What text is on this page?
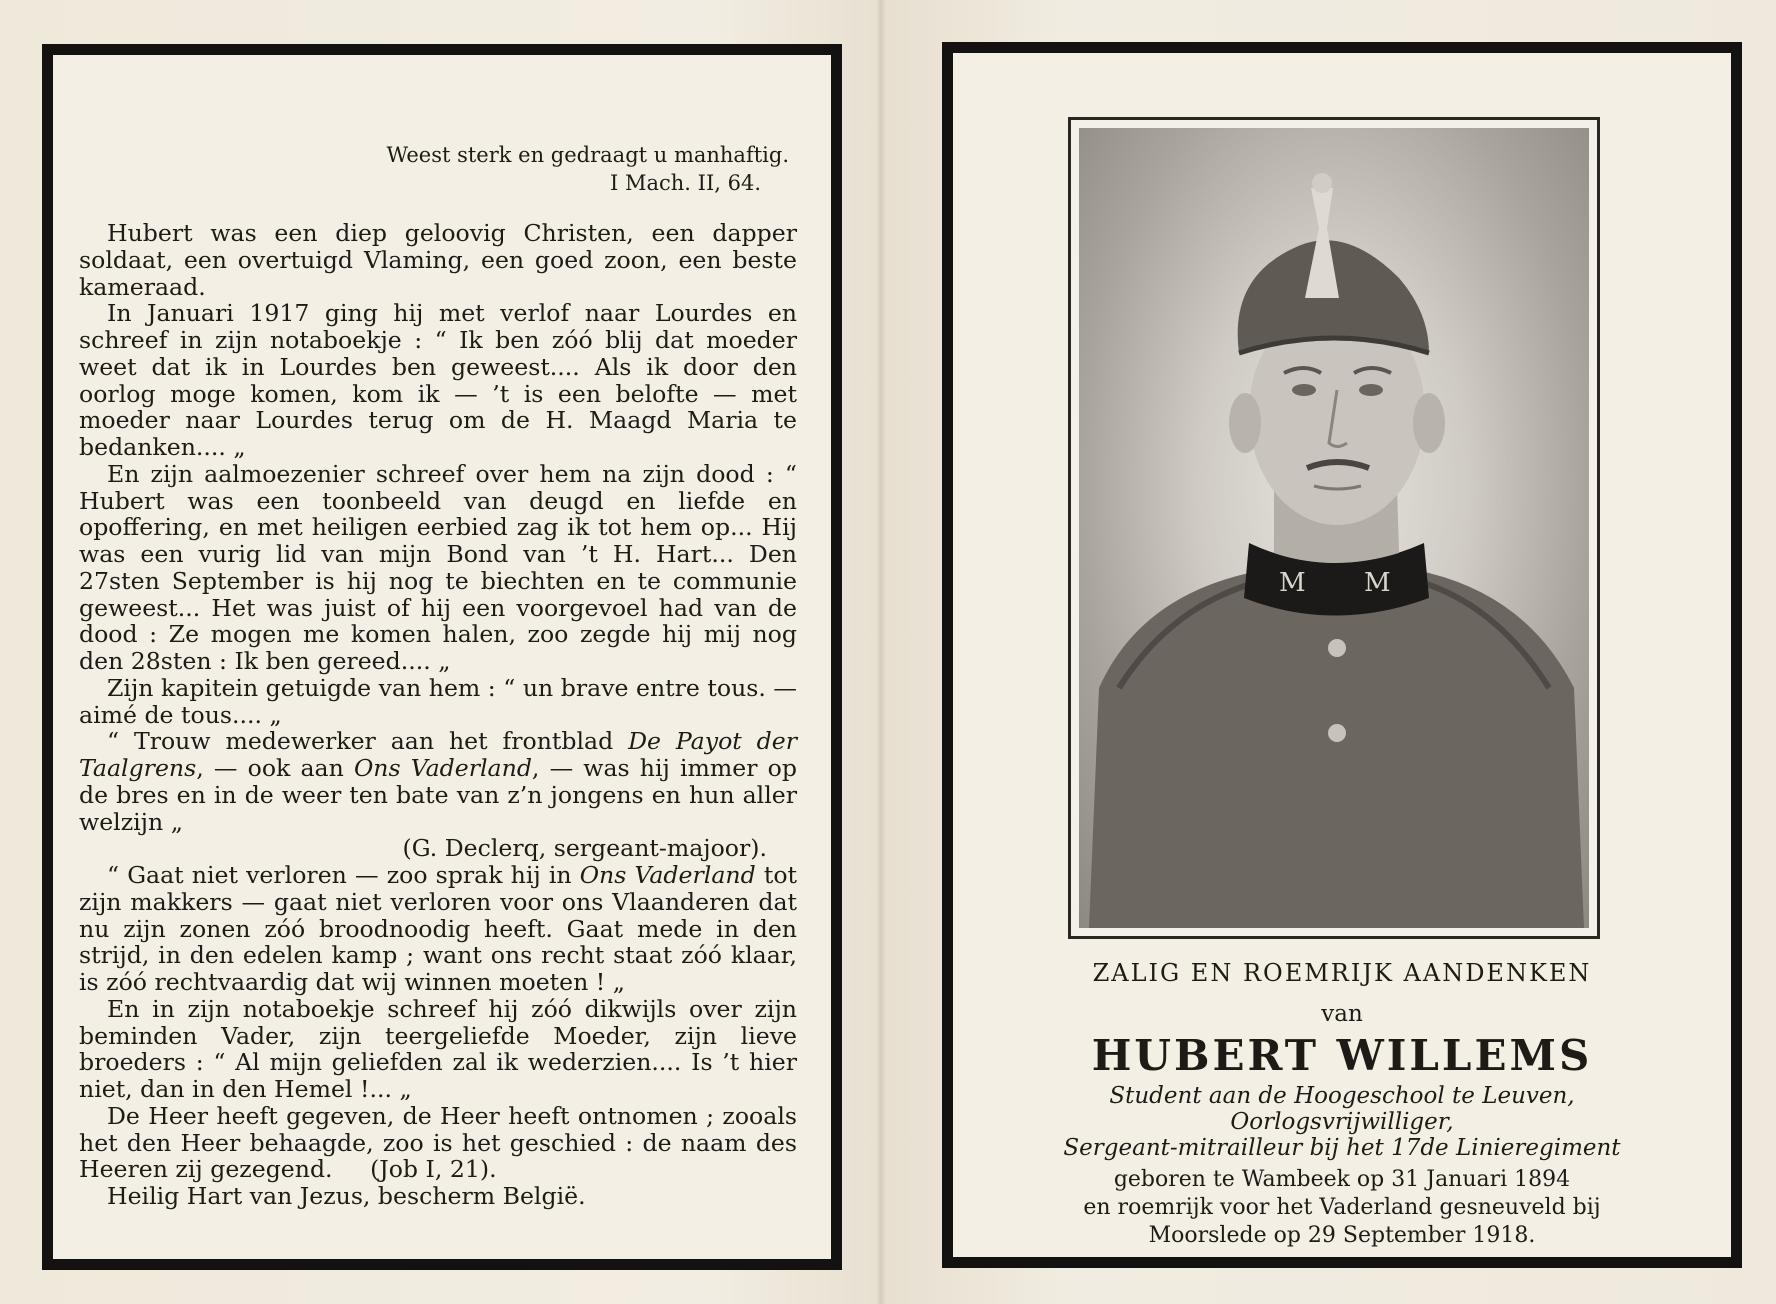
Weest sterk en gedraagt u manhaftig.
I Mach. II, 64.

Hubert was een diep geloovig Christen, een dapper soldaat, een overtuigd Vlaming, een goed zoon, een beste kameraad.

In Januari 1917 ging hij met verlof naar Lourdes en schreef in zijn notaboekje : “ Ik ben zóó blij dat moeder weet dat ik in Lourdes ben geweest.... Als ik door den oorlog moge komen, kom ik — ’t is een belofte — met moeder naar Lourdes terug om de H. Maagd Maria te bedanken.... „

En zijn aalmoezenier schreef over hem na zijn dood : “ Hubert was een toonbeeld van deugd en liefde en opoffering, en met heiligen eerbied zag ik tot hem op... Hij was een vurig lid van mijn Bond van ’t H. Hart... Den 27sten September is hij nog te biechten en te communie geweest... Het was juist of hij een voorgevoel had van de dood : Ze mogen me komen halen, zoo zegde hij mij nog den 28sten : Ik ben gereed.... „

Zijn kapitein getuigde van hem : “ un brave entre tous. — aimé de tous.... „

“ Trouw medewerker aan het frontblad De Payot der Taalgrens, — ook aan Ons Vaderland, — was hij immer op de bres en in de weer ten bate van z’n jongens en hun aller welzijn „

(G. Declerq, sergeant-majoor).

“ Gaat niet verloren — zoo sprak hij in Ons Vaderland tot zijn makkers — gaat niet verloren voor ons Vlaanderen dat nu zijn zonen zóó broodnoodig heeft. Gaat mede in den strijd, in den edelen kamp ; want ons recht staat zóó klaar, is zóó rechtvaardig dat wij winnen moeten ! „

En in zijn notaboekje schreef hij zóó dikwijls over zijn beminden Vader, zijn teergeliefde Moeder, zijn lieve broeders : “ Al mijn geliefden zal ik wederzien.... Is ’t hier niet, dan in den Hemel !... „

De Heer heeft gegeven, de Heer heeft ontnomen ; zooals het den Heer behaagde, zoo is het geschied : de naam des Heeren zij gezegend. (Job I, 21).

Heilig Hart van Jezus, bescherm België.

M M
ZALIG EN ROEMRIJK AANDENKEN
van
HUBERT WILLEMS
Student aan de Hoogeschool te Leuven,
Oorlogsvrijwilliger,
Sergeant-mitrailleur bij het 17de Linieregiment
geboren te Wambeek op 31 Januari 1894
en roemrijk voor het Vaderland gesneuveld bij
Moorslede op 29 September 1918.
